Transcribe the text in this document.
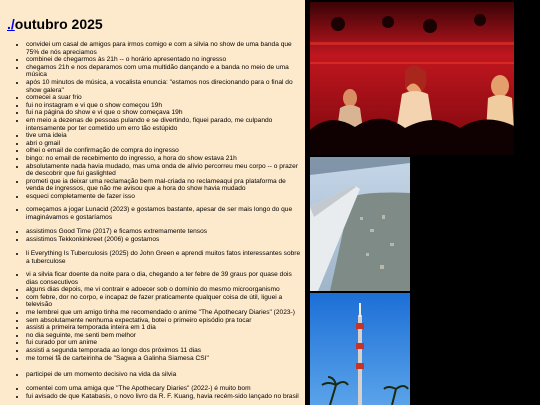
./outubro 2025
• convidei um casal de amigos para irmos comigo e com a silvia no show de uma banda que 75% de nós apreciamos
• combinei de chegarmos às 21h -- o horário apresentado no ingresso
• chegamos 21h e nos deparamos com uma multidão dançando e a banda no meio de uma música
• após 10 minutos de música, a vocalista enuncia: "estamos nos direcionando para o final do show galera"
• comecei a suar frio
• fui no instagram e vi que o show começou 19h
• fui na página do show e vi que o show começava 19h
• em meio a dezenas de pessoas pulando e se divertindo, fiquei parado, me culpando intensamente por ter cometido um erro tão estúpido
• tive uma ideia
• abri o gmail
• olhei o email de confirmação de compra do ingresso
• bingo: no email de recebimento do ingresso, a hora do show estava 21h
• absolutamente nada havia mudado, mas uma onda de alívio percorreu meu corpo -- o prazer de descobrir que fui gaslighted
• prometi que ia deixar uma reclamação bem mal-criada no reclameaqui pra plataforma de venda de ingressos, que não me avisou que a hora do show havia mudado
• esqueci completamente de fazer isso
• começamos a jogar Lunacid (2023) e gostamos bastante, apesar de ser mais longo do que imaginávamos e gostaríamos
• assistimos Good Time (2017) e ficamos extremamente tensos
• assistimos Tekkonkinkreet (2006) e gostamos
• li Everything Is Tuberculosis (2025) do John Green e aprendi muitos fatos interessantes sobre a tuberculose
• vi a silvia ficar doente da noite para o dia, chegando a ter febre de 39 graus por quase dois dias consecutivos
• alguns dias depois, me vi contrair e adoecer sob o domínio do mesmo microorganismo
• com febre, dor no corpo, e incapaz de fazer praticamente qualquer coisa de útil, liguei a televisão
• me lembrei que um amigo tinha me recomendado o anime "The Apothecary Diaries" (2023-)
• sem absolutamente nenhuma expectativa, botei o primeiro episódio pra tocar
• assisti a primeira temporada inteira em 1 dia
• no dia seguinte, me senti bem melhor
• fui curado por um anime
• assisti a segunda temporada ao longo dos próximos 11 dias
• me tornei fã de carteirinha de "Sagwa a Galinha Siamesa CSI"
• participei de um momento decisivo na vida da silvia
• comentei com uma amiga que "The Apothecary Diaries" (2022-) é muito bom
• fui avisado de que Katabasis, o novo livro da R. F. Kuang, havia recém-sido lançado no brasil
